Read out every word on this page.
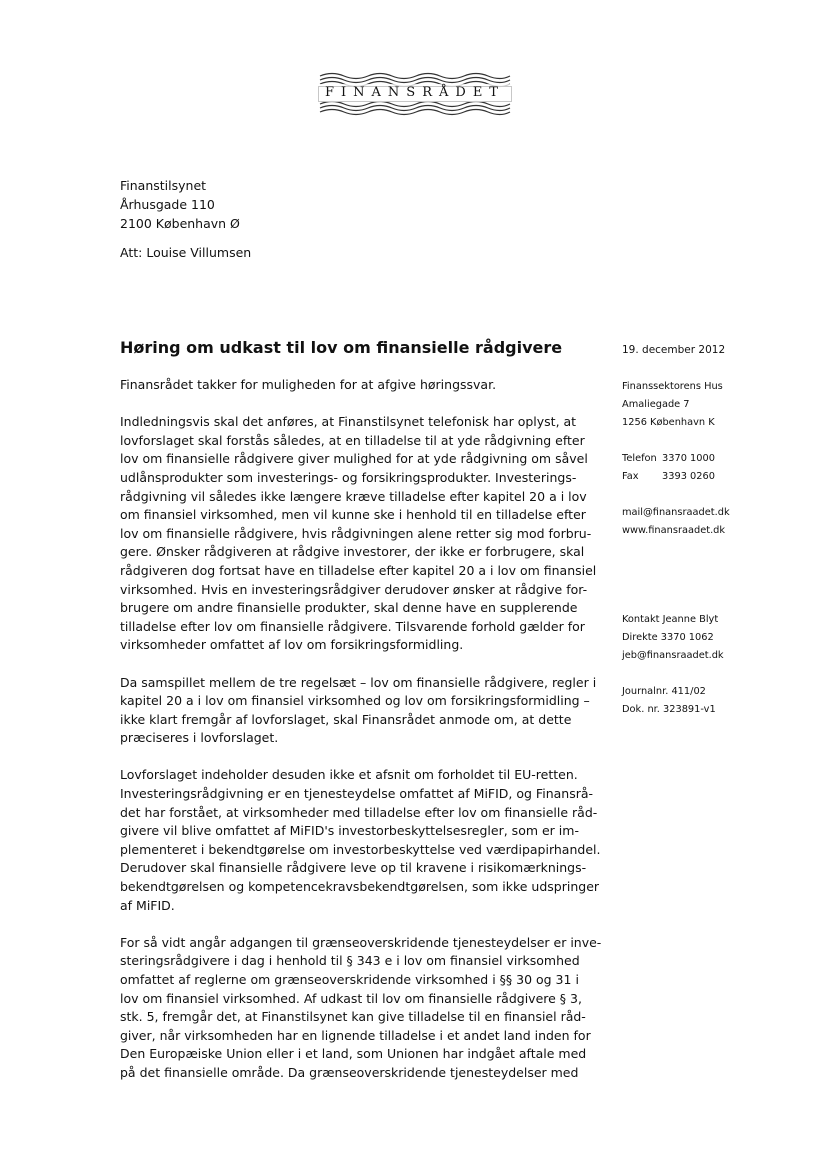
FINANSRÅDET
Finanstilsynet
Århusgade 110
2100 København Ø
Att: Louise Villumsen
Høring om udkast til lov om finansielle rådgivere	19. december 2012

Finansrådet takker for muligheden for at afgive høringssvar.

Indledningsvis skal det anføres, at Finanstilsynet telefonisk har oplyst, at
lovforslaget skal forstås således, at en tilladelse til at yde rådgivning efter
lov om finansielle rådgivere giver mulighed for at yde rådgivning om såvel
udlånsprodukter som investerings- og forsikringsprodukter. Investerings-
rådgivning vil således ikke længere kræve tilladelse efter kapitel 20 a i lov
om finansiel virksomhed, men vil kunne ske i henhold til en tilladelse efter
lov om finansielle rådgivere, hvis rådgivningen alene retter sig mod forbru-
gere. Ønsker rådgiveren at rådgive investorer, der ikke er forbrugere, skal
rådgiveren dog fortsat have en tilladelse efter kapitel 20 a i lov om finansiel
virksomhed. Hvis en investeringsrådgiver derudover ønsker at rådgive for-
brugere om andre finansielle produkter, skal denne have en supplerende
tilladelse efter lov om finansielle rådgivere. Tilsvarende forhold gælder for
virksomheder omfattet af lov om forsikringsformidling.

Da samspillet mellem de tre regelsæt – lov om finansielle rådgivere, regler i
kapitel 20 a i lov om finansiel virksomhed og lov om forsikringsformidling –
ikke klart fremgår af lovforslaget, skal Finansrådet anmode om, at dette
præciseres i lovforslaget.

Lovforslaget indeholder desuden ikke et afsnit om forholdet til EU-retten.
Investeringsrådgivning er en tjenesteydelse omfattet af MiFID, og Finansrå-
det har forstået, at virksomheder med tilladelse efter lov om finansielle råd-
givere vil blive omfattet af MiFID's investorbeskyttelsesregler, som er im-
plementeret i bekendtgørelse om investorbeskyttelse ved værdipapirhandel.
Derudover skal finansielle rådgivere leve op til kravene i risikomærknings-
bekendtgørelsen og kompetencekravsbekendtgørelsen, som ikke udspringer
af MiFID.

For så vidt angår adgangen til grænseoverskridende tjenesteydelser er inve-
steringsrådgivere i dag i henhold til § 343 e i lov om finansiel virksomhed
omfattet af reglerne om grænseoverskridende virksomhed i §§ 30 og 31 i
lov om finansiel virksomhed. Af udkast til lov om finansielle rådgivere § 3,
stk. 5, fremgår det, at Finanstilsynet kan give tilladelse til en finansiel råd-
giver, når virksomheden har en lignende tilladelse i et andet land inden for
Den Europæiske Union eller i et land, som Unionen har indgået aftale med
på det finansielle område. Da grænseoverskridende tjenesteydelser med

Finanssektorens Hus
Amaliegade 7
1256 København K
Telefon 3370 1000
Fax 3393 0260
mail@finansraadet.dk
www.finansraadet.dk
Kontakt Jeanne Blyt
Direkte 3370 1062
jeb@finansraadet.dk
Journalnr. 411/02
Dok. nr. 323891-v1
